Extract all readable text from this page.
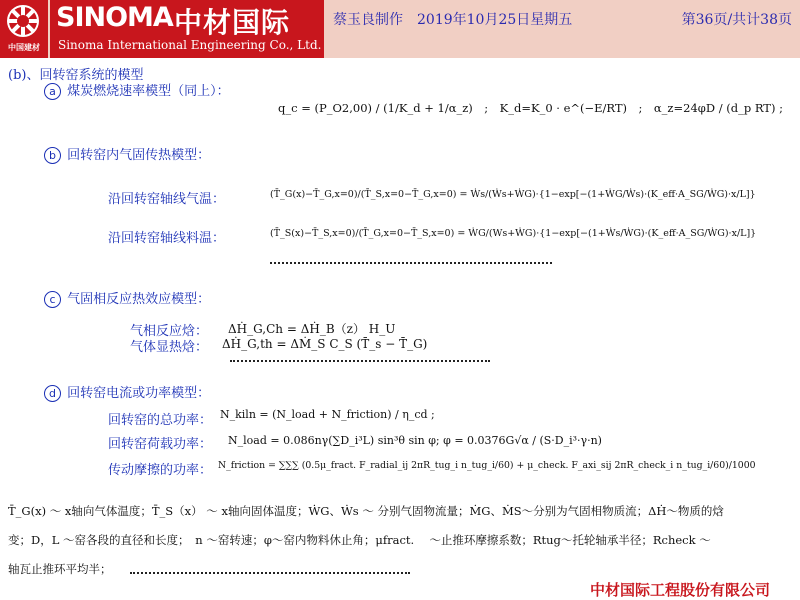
中国建材
SINOMA 中材国际
Sinoma International Engineering Co., Ltd.
蔡玉良制作　2019年10月25日星期五	第36页/共计38页
(b)、回转窑系统的模型
a 煤炭燃烧速率模型（同上）：
q_c = (P_O2,00) / (1/K_d + 1/α_z)　;　K_d=K_0 · e^(−E/RT)　;　α_z=24φD / (d_p RT) ;
b 回转窑内气固传热模型：
沿回转窑轴线气温：	(T̄_G(x)−T̄_G,x=0)/(T̄_S,x=0−T̄_G,x=0) = Ẇs/(Ẇs+ẆG)·{1−exp[−(1+ẆG/Ẇs)·(K_eff·A_SG/ẆG)·x/L]}
沿回转窑轴线料温：	(T̄_S(x)−T̄_S,x=0)/(T̄_G,x=0−T̄_S,x=0) = ẆG/(Ws+ẆG)·{1−exp[−(1+Ẇs/ẆG)·(K_eff·A_SG/ẆG)·x/L]}
c 气固相反应热效应模型：
气相反应焓： ΔḢ_G,Ch = ΔḢ_B（z） H_U
气体显热焓： ΔḢ_G,th = ΔṀ_S C_S (T̄_s − T̄_G)
d 回转窑电流或功率模型：
回转窑的总功率： N_kiln = (N_load + N_friction) / η_cd ;
回转窑荷载功率： N_load = 0.086nγ(∑D_i³L) sin³θ sin φ; φ = 0.0376G√α / (S·D_i³·γ·n)
传动摩擦的功率： N_friction = ∑∑∑ (0.5μ_fract. F_radial_ij 2πR_tug_i n_tug_i/60) + μ_check. F_axi_sij 2πR_check_i n_tug_i/60)/1000
T̄_G(x) ～ x轴向气体温度；T̄_S（x） ～ x轴向固体温度；ẆG、Ẇs ～ 分别气固物流量；ṀG、ṀS～分别为气固相物质流；ΔḢ～物质的焓
变；D，L ～窑各段的直径和长度；　n ～窑转速；φ～窑内物料休止角；μfract. 　～止推环摩擦系数；Rtug～托轮轴承半径；Rcheck ～
轴瓦止推环平均半；
中材国际工程股份有限公司
